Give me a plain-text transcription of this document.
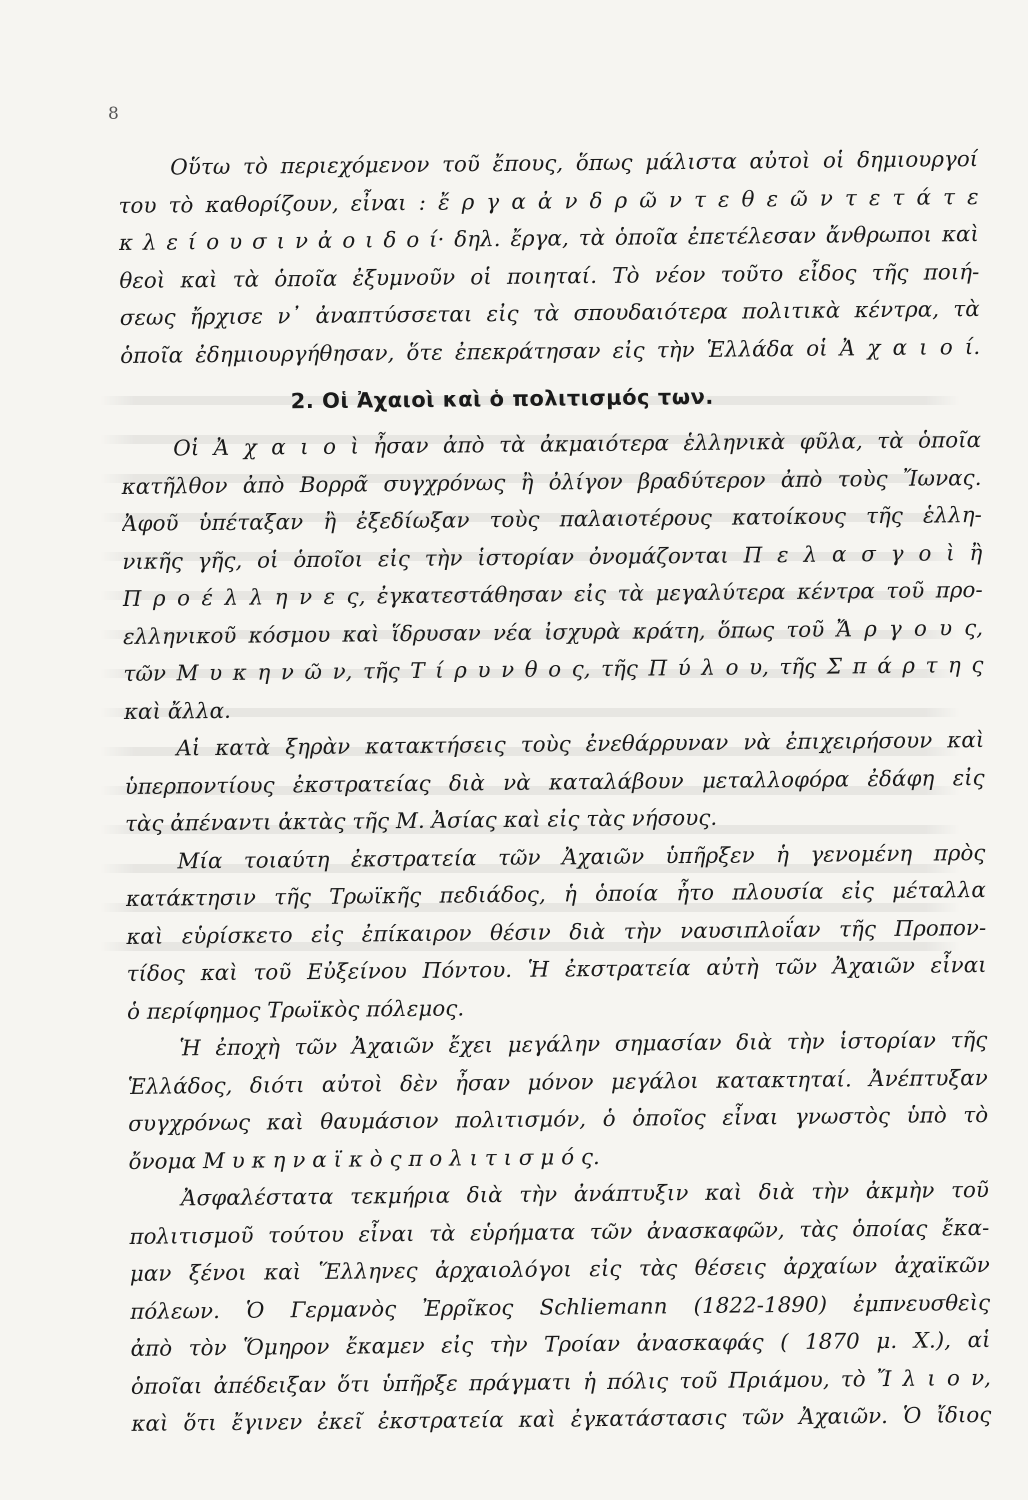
8
Οὕτω τὸ περιεχόμενον τοῦ ἔπους, ὅπως μάλιστα αὐτοὶ οἱ δημιουργοί
του τὸ καθορίζουν, εἶναι : ἔ ρ γ α ἀ ν δ ρ ῶ ν τ ε θ ε ῶ ν τ ε τ ά τ ε
κ λ ε ί ο υ σ ι ν ἀ ο ι δ ο ί· δηλ. ἔργα, τὰ ὁποῖα ἐπετέλεσαν ἄνθρωποι καὶ
θεοὶ καὶ τὰ ὁποῖα ἐξυμνοῦν οἱ ποιηταί. Τὸ νέον τοῦτο εἶδος τῆς ποιή-
σεως ἤρχισε ν᾽ ἀναπτύσσεται εἰς τὰ σπουδαιότερα πολιτικὰ κέντρα, τὰ
ὁποῖα ἐδημιουργήθησαν, ὅτε ἐπεκράτησαν εἰς τὴν Ἑλλάδα οἱ Ἀ χ α ι ο ί.
2. Οἱ Ἀχαιοὶ καὶ ὁ πολιτισμός των.
Οἱ Ἀ χ α ι ο ὶ ἦσαν ἀπὸ τὰ ἀκμαιότερα ἑλληνικὰ φῦλα, τὰ ὁποῖα
κατῆλθον ἀπὸ Βορρᾶ συγχρόνως ἢ ὀλίγον βραδύτερον ἀπὸ τοὺς Ἴωνας.
Ἀφοῦ ὑπέταξαν ἢ ἐξεδίωξαν τοὺς παλαιοτέρους κατοίκους τῆς ἑλλη-
νικῆς γῆς, οἱ ὁποῖοι εἰς τὴν ἱστορίαν ὀνομάζονται Π ε λ α σ γ ο ὶ ἢ
Π ρ ο έ λ λ η ν ε ς, ἐγκατεστάθησαν εἰς τὰ μεγαλύτερα κέντρα τοῦ προ-
ελληνικοῦ κόσμου καὶ ἵδρυσαν νέα ἰσχυρὰ κράτη, ὅπως τοῦ Ἄ ρ γ ο υ ς,
τῶν Μ υ κ η ν ῶ ν, τῆς Τ ί ρ υ ν θ ο ς, τῆς Π ύ λ ο υ, τῆς Σ π ά ρ τ η ς
καὶ ἄλλα.
Αἱ κατὰ ξηρὰν κατακτήσεις τοὺς ἐνεθάρρυναν νὰ ἐπιχειρήσουν καὶ
ὑπερποντίους ἐκστρατείας διὰ νὰ καταλάβουν μεταλλοφόρα ἐδάφη εἰς
τὰς ἀπέναντι ἀκτὰς τῆς Μ. Ἀσίας καὶ εἰς τὰς νήσους.
Μία τοιαύτη ἐκστρατεία τῶν Ἀχαιῶν ὑπῆρξεν ἡ γενομένη πρὸς
κατάκτησιν τῆς Τρωϊκῆς πεδιάδος, ἡ ὁποία ἦτο πλουσία εἰς μέταλλα
καὶ εὑρίσκετο εἰς ἐπίκαιρον θέσιν διὰ τὴν ναυσιπλοΐαν τῆς Προπον-
τίδος καὶ τοῦ Εὐξείνου Πόντου. Ἡ ἐκστρατεία αὐτὴ τῶν Ἀχαιῶν εἶναι
ὁ περίφημος Τρωϊκὸς πόλεμος.
Ἡ ἐποχὴ τῶν Ἀχαιῶν ἔχει μεγάλην σημασίαν διὰ τὴν ἱστορίαν τῆς
Ἑλλάδος, διότι αὐτοὶ δὲν ἦσαν μόνον μεγάλοι κατακτηταί. Ἀνέπτυξαν
συγχρόνως καὶ θαυμάσιον πολιτισμόν, ὁ ὁποῖος εἶναι γνωστὸς ὑπὸ τὸ
ὄνομα Μ υ κ η ν α ϊ κ ὸ ς π ο λ ι τ ι σ μ ό ς.
Ἀσφαλέστατα τεκμήρια διὰ τὴν ἀνάπτυξιν καὶ διὰ τὴν ἀκμὴν τοῦ
πολιτισμοῦ τούτου εἶναι τὰ εὑρήματα τῶν ἀνασκαφῶν, τὰς ὁποίας ἔκα-
μαν ξένοι καὶ Ἕλληνες ἀρχαιολόγοι εἰς τὰς θέσεις ἀρχαίων ἀχαϊκῶν
πόλεων. Ὁ Γερμανὸς Ἐρρῖκος Schliemann (1822-1890) ἐμπνευσθεὶς
ἀπὸ τὸν Ὅμηρον ἔκαμεν εἰς τὴν Τροίαν ἀνασκαφάς ( 1870 μ. Χ.), αἱ
ὁποῖαι ἀπέδειξαν ὅτι ὑπῆρξε πράγματι ἡ πόλις τοῦ Πριάμου, τὸ Ἴ λ ι ο ν,
καὶ ὅτι ἔγινεν ἐκεῖ ἐκστρατεία καὶ ἐγκατάστασις τῶν Ἀχαιῶν. Ὁ ἴδιος
